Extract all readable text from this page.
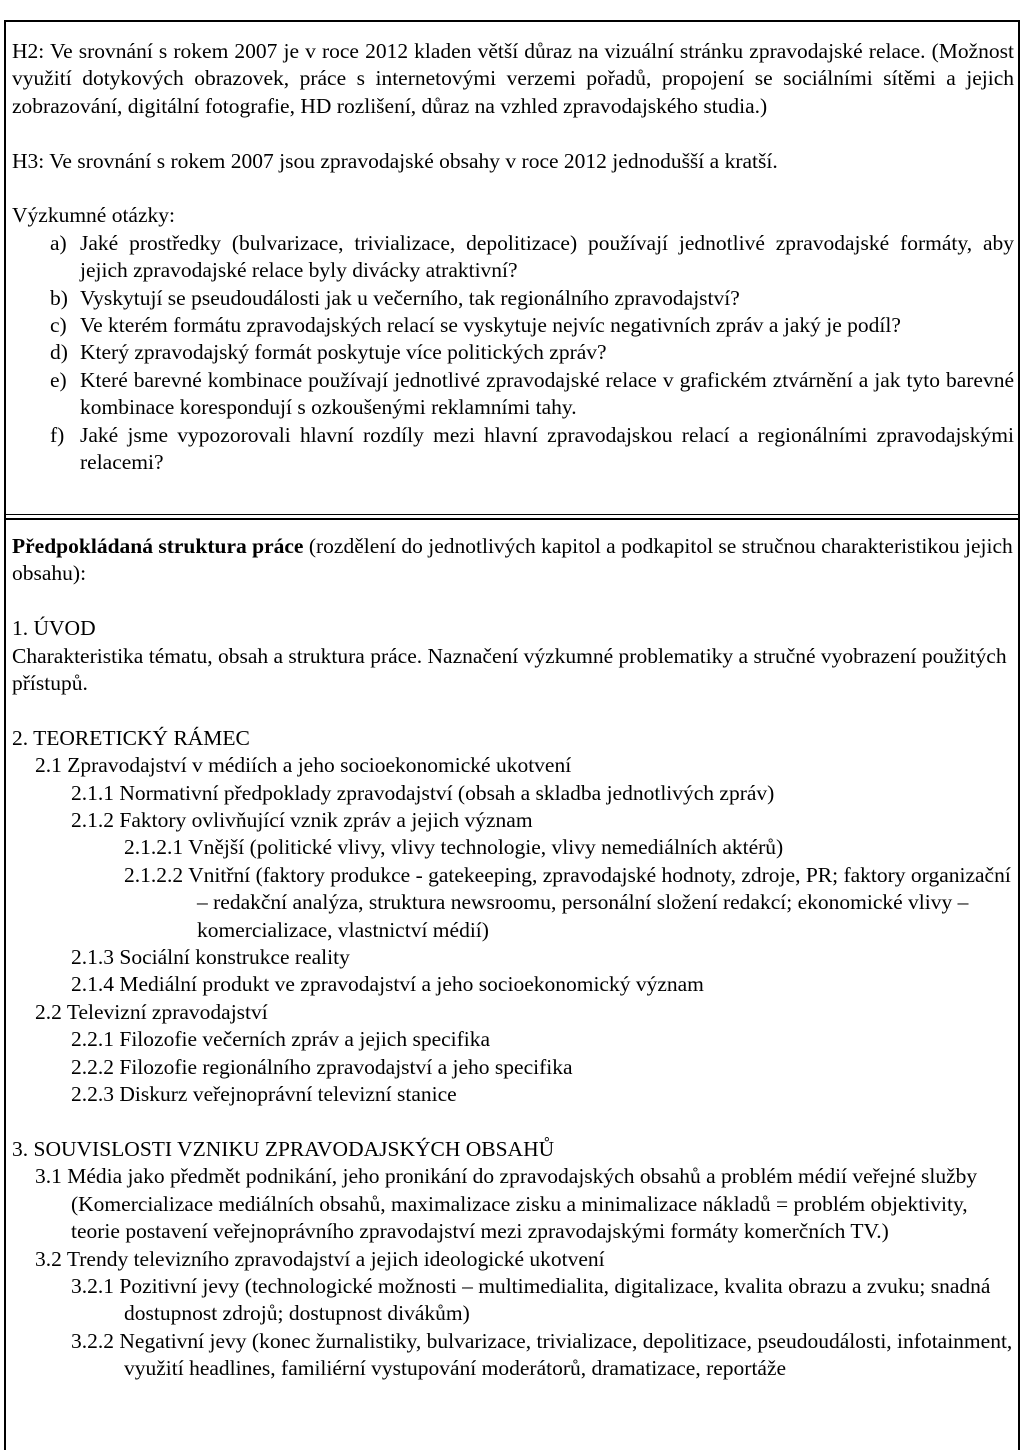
H2: Ve srovnání s rokem 2007 je v roce 2012 kladen větší důraz na vizuální stránku zpravodajské relace. (Možnost využití dotykových obrazovek, práce s internetovými verzemi pořadů, propojení se sociálními sítěmi a jejich zobrazování, digitální fotografie, HD rozlišení, důraz na vzhled zpravodajského studia.)

H3: Ve srovnání s rokem 2007 jsou zpravodajské obsahy v roce 2012 jednodušší a kratší.

Výzkumné otázky:

a) Jaké prostředky (bulvarizace, trivializace, depolitizace) používají jednotlivé zpravodajské formáty, aby jejich zpravodajské relace byly divácky atraktivní?
b) Vyskytují se pseudoudálosti jak u večerního, tak regionálního zpravodajství?
c) Ve kterém formátu zpravodajských relací se vyskytuje nejvíc negativních zpráv a jaký je podíl?
d) Který zpravodajský formát poskytuje více politických zpráv?
e) Které barevné kombinace používají jednotlivé zpravodajské relace v grafickém ztvárnění a jak tyto barevné kombinace korespondují s ozkoušenými reklamními tahy.
f) Jaké jsme vypozorovali hlavní rozdíly mezi hlavní zpravodajskou relací a regionálními zpravodajskými relacemi?

Předpokládaná struktura práce (rozdělení do jednotlivých kapitol a podkapitol se stručnou charakteristikou jejich obsahu):

1. ÚVOD

Charakteristika tématu, obsah a struktura práce. Naznačení výzkumné problematiky a stručné vyobrazení použitých přístupů.

2. TEORETICKÝ RÁMEC

2.1 Zpravodajství v médiích a jeho socioekonomické ukotvení

2.1.1 Normativní předpoklady zpravodajství (obsah a skladba jednotlivých zpráv)

2.1.2 Faktory ovlivňující vznik zpráv a jejich význam

2.1.2.1 Vnější (politické vlivy, vlivy technologie, vlivy nemediálních aktérů)

2.1.2.2 Vnitřní (faktory produkce - gatekeeping, zpravodajské hodnoty, zdroje, PR; faktory organizační – redakční analýza, struktura newsroomu, personální složení redakcí; ekonomické vlivy – komercializace, vlastnictví médií)

2.1.3 Sociální konstrukce reality

2.1.4 Mediální produkt ve zpravodajství a jeho socioekonomický význam

2.2 Televizní zpravodajství

2.2.1 Filozofie večerních zpráv a jejich specifika

2.2.2 Filozofie regionálního zpravodajství a jeho specifika

2.2.3 Diskurz veřejnoprávní televizní stanice

3. SOUVISLOSTI VZNIKU ZPRAVODAJSKÝCH OBSAHŮ

3.1 Média jako předmět podnikání, jeho pronikání do zpravodajských obsahů a problém médií veřejné služby

(Komercializace mediálních obsahů, maximalizace zisku a minimalizace nákladů = problém objektivity, teorie postavení veřejnoprávního zpravodajství mezi zpravodajskými formáty komerčních TV.)

3.2 Trendy televizního zpravodajství a jejich ideologické ukotvení

3.2.1 Pozitivní jevy (technologické možnosti – multimedialita, digitalizace, kvalita obrazu a zvuku; snadná dostupnost zdrojů; dostupnost divákům)

3.2.2 Negativní jevy (konec žurnalistiky, bulvarizace, trivializace, depolitizace, pseudoudálosti, infotainment, využití headlines, familiérní vystupování moderátorů, dramatizace, reportáže
